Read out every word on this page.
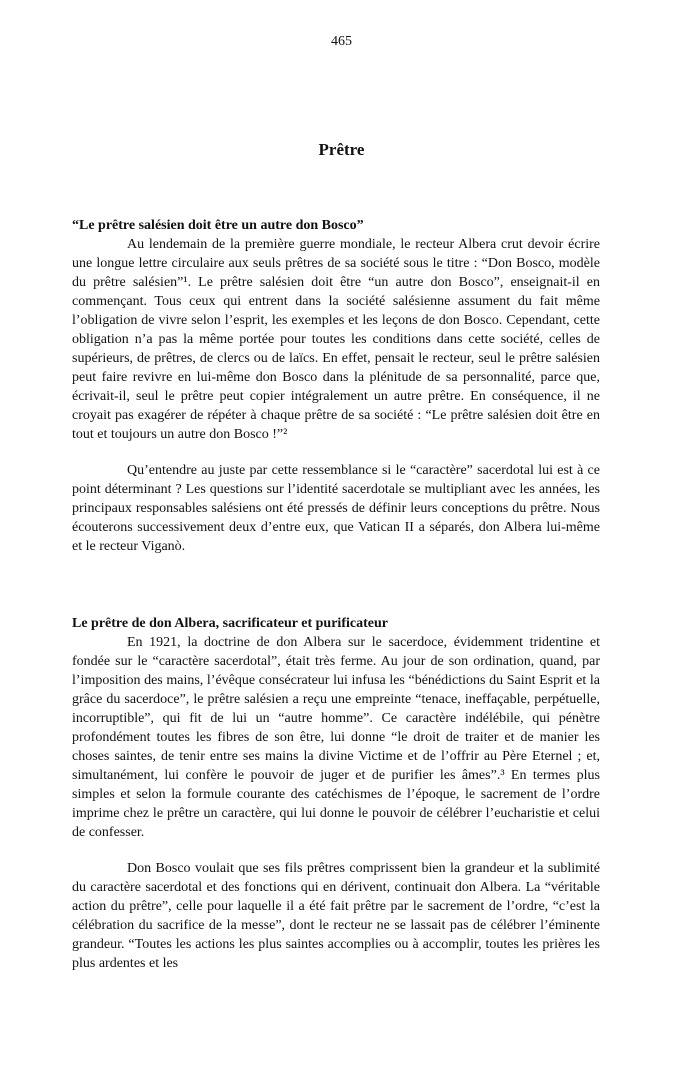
465
Prêtre
“Le prêtre salésien doit être un autre don Bosco”

Au lendemain de la première guerre mondiale, le recteur Albera crut devoir écrire une longue lettre circulaire aux seuls prêtres de sa société sous le titre : “Don Bosco, modèle du prêtre salésien”¹. Le prêtre salésien doit être “un autre don Bosco”, enseignait-il en commençant. Tous ceux qui entrent dans la société salésienne assument du fait même l’obligation de vivre selon l’esprit, les exemples et les leçons de don Bosco. Cependant, cette obligation n’a pas la même portée pour toutes les conditions dans cette société, celles de supérieurs, de prêtres, de clercs ou de laïcs. En effet, pensait le recteur, seul le prêtre salésien peut faire revivre en lui-même don Bosco dans la plénitude de sa personnalité, parce que, écrivait-il, seul le prêtre peut copier intégralement un autre prêtre. En conséquence, il ne croyait pas exagérer de répéter à chaque prêtre de sa société : “Le prêtre salésien doit être en tout et toujours un autre don Bosco !”²

Qu’entendre au juste par cette ressemblance si le “caractère” sacerdotal lui est à ce point déterminant ? Les questions sur l’identité sacerdotale se multipliant avec les années, les principaux responsables salésiens ont été pressés de définir leurs conceptions du prêtre. Nous écouterons successivement deux d’entre eux, que Vatican II a séparés, don Albera lui-même et le recteur Viganò.

Le prêtre de don Albera, sacrificateur et purificateur

En 1921, la doctrine de don Albera sur le sacerdoce, évidemment tridentine et fondée sur le “caractère sacerdotal”, était très ferme. Au jour de son ordination, quand, par l’imposition des mains, l’évêque consécrateur lui infusa les “bénédictions du Saint Esprit et la grâce du sacerdoce”, le prêtre salésien a reçu une empreinte “tenace, ineffaçable, perpétuelle, incorruptible”, qui fit de lui un “autre homme”. Ce caractère indélébile, qui pénètre profondément toutes les fibres de son être, lui donne “le droit de traiter et de manier les choses saintes, de tenir entre ses mains la divine Victime et de l’offrir au Père Eternel ; et, simultanément, lui confère le pouvoir de juger et de purifier les âmes”.³ En termes plus simples et selon la formule courante des catéchismes de l’époque, le sacrement de l’ordre imprime chez le prêtre un caractère, qui lui donne le pouvoir de célébrer l’eucharistie et celui de confesser.

Don Bosco voulait que ses fils prêtres comprissent bien la grandeur et la sublimité du caractère sacerdotal et des fonctions qui en dérivent, continuait don Albera. La “véritable action du prêtre”, celle pour laquelle il a été fait prêtre par le sacrement de l’ordre, “c’est la célébration du sacrifice de la messe”, dont le recteur ne se lassait pas de célébrer l’éminente grandeur. “Toutes les actions les plus saintes accomplies ou à accomplir, toutes les prières les plus ardentes et les
